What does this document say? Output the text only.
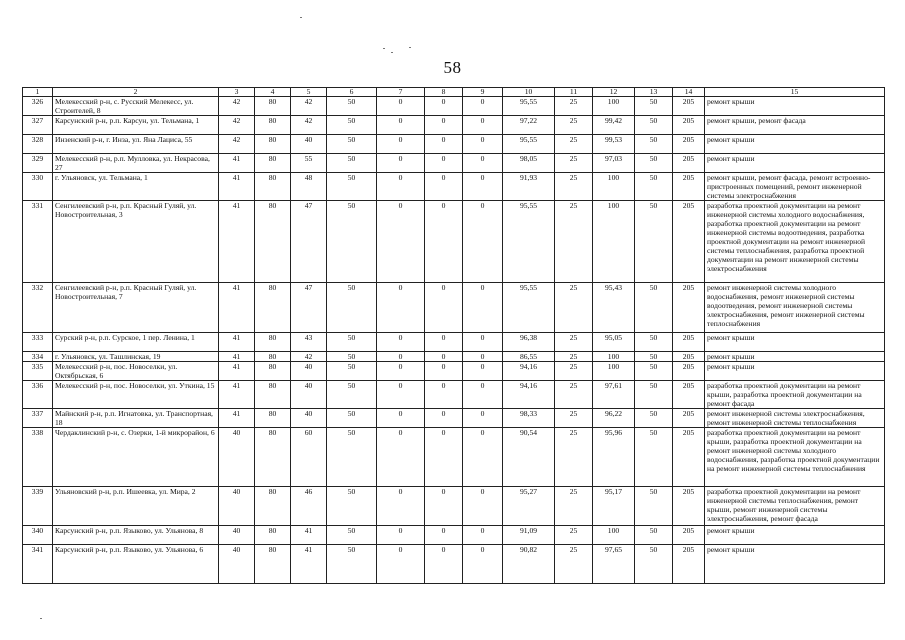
58
1	2	3	4	5	6	7	8	9	10	11	12	13	14	15
326	Мелекесский р-н, с. Русский Мелекесс, ул. Строителей, 8	42	80	42	50	0	0	0	95,55	25	100	50	205	ремонт крыши
327	Карсунский р-н, р.п. Карсун, ул. Тельмана, 1	42	80	42	50	0	0	0	97,22	25	99,42	50	205	ремонт крыши, ремонт фасада
328	Инзенский р-н, г. Инза, ул. Яна Лациса, 55	42	80	40	50	0	0	0	95,55	25	99,53	50	205	ремонт крыши
329	Мелекесский р-н, р.п. Мулловка, ул. Некрасова, 27	41	80	55	50	0	0	0	98,05	25	97,03	50	205	ремонт крыши
330	г. Ульяновск, ул. Тельмана, 1	41	80	48	50	0	0	0	91,93	25	100	50	205	ремонт крыши, ремонт фасада, ремонт встроенно-пристроенных помещений, ремонт инженерной системы электроснабжения
331	Сенгилеевский р-н, р.п. Красный Гуляй, ул. Новостроительная, 3	41	80	47	50	0	0	0	95,55	25	100	50	205	разработка проектной документации на ремонт инженерной системы холодного водоснабжения, разработка проектной документации на ремонт инженерной системы водоотведения, разработка проектной документации на ремонт инженерной системы теплоснабжения, разработка проектной документации на ремонт инженерной системы электроснабжения
332	Сенгилеевский р-н, р.п. Красный Гуляй, ул. Новостроительная, 7	41	80	47	50	0	0	0	95,55	25	95,43	50	205	ремонт инженерной системы холодного водоснабжения, ремонт инженерной системы водоотведения, ремонт инженерной системы электроснабжения, ремонт инженерной системы теплоснабжения
333	Сурский р-н, р.п. Сурское, 1 пер. Ленина, 1	41	80	43	50	0	0	0	96,38	25	95,05	50	205	ремонт крыши
334	г. Ульяновск, ул. Ташлинская, 19	41	80	42	50	0	0	0	86,55	25	100	50	205	ремонт крыши
335	Мелекесский р-н, пос. Новоселки, ул. Октябрьская, 6	41	80	40	50	0	0	0	94,16	25	100	50	205	ремонт крыши
336	Мелекесский р-н, пос. Новоселки, ул. Уткина, 15	41	80	40	50	0	0	0	94,16	25	97,61	50	205	разработка проектной документации на ремонт крыши, разработка проектной документации на ремонт фасада
337	Майнский р-н, р.п. Игнатовка, ул. Транспортная, 18	41	80	40	50	0	0	0	98,33	25	96,22	50	205	ремонт инженерной системы электроснабжения, ремонт инженерной системы теплоснабжения
338	Чердаклинский р-н, с. Озерки, 1-й микрорайон, 6	40	80	60	50	0	0	0	90,54	25	95,96	50	205	разработка проектной документации на ремонт крыши, разработка проектной документации на ремонт инженерной системы холодного водоснабжения, разработка проектной документации на ремонт инженерной системы теплоснабжения
339	Ульяновский р-н, р.п. Ишеевка, ул. Мира, 2	40	80	46	50	0	0	0	95,27	25	95,17	50	205	разработка проектной документации на ремонт инженерной системы теплоснабжения, ремонт крыши, ремонт инженерной системы электроснабжения, ремонт фасада
340	Карсунский р-н, р.п. Языково, ул. Ульянова, 8	40	80	41	50	0	0	0	91,09	25	100	50	205	ремонт крыши
341	Карсунский р-н, р.п. Языково, ул. Ульянова, 6	40	80	41	50	0	0	0	90,82	25	97,65	50	205	ремонт крыши
